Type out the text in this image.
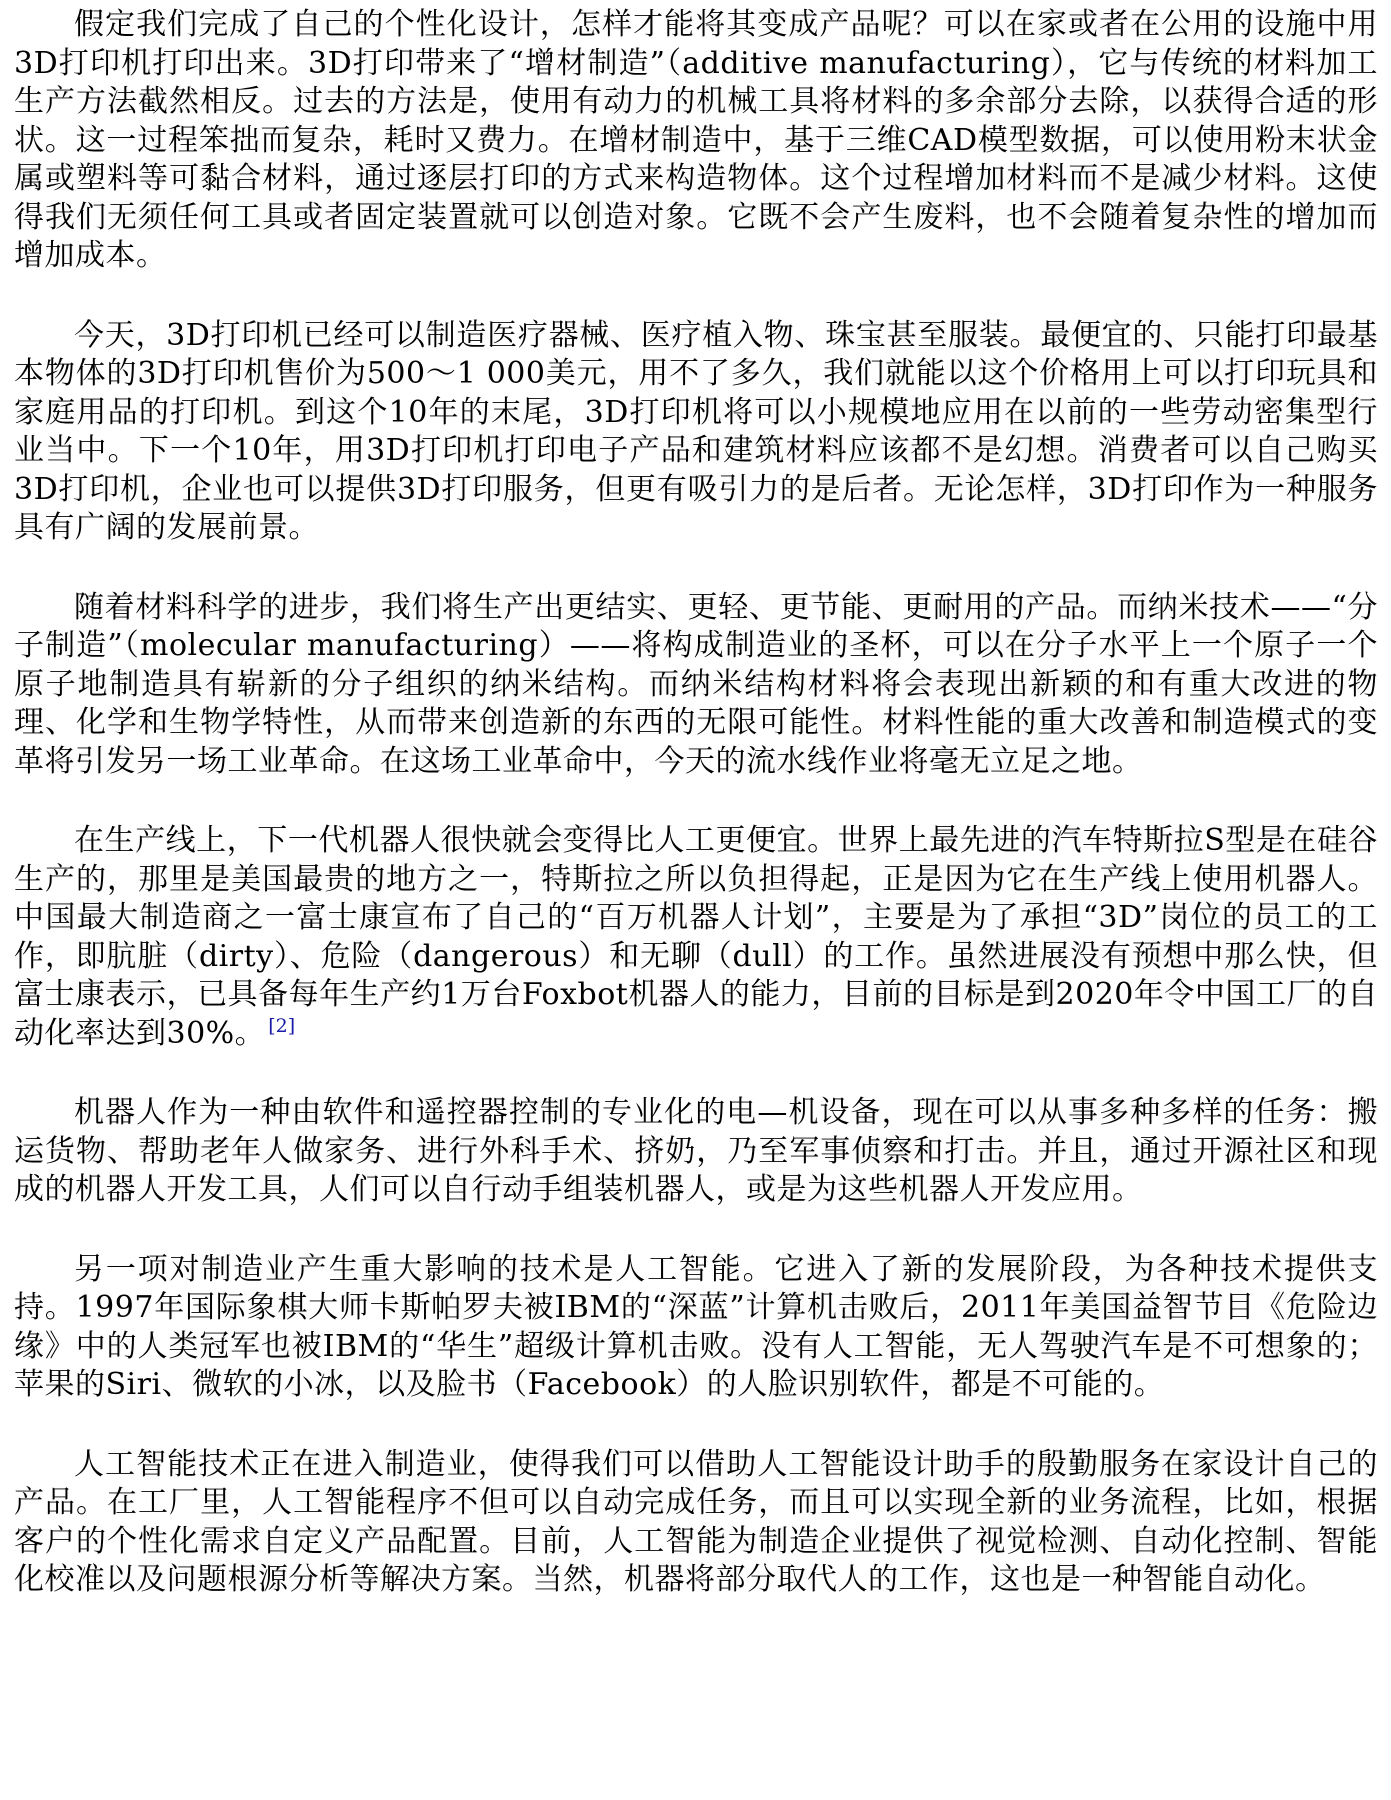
假定我们完成了自己的个性化设计，怎样才能将其变成产品呢？可以在家或者在公用的设施中用3D打印机打印出来。3D打印带来了“增材制造”（additive manufacturing），它与传统的材料加工生产方法截然相反。过去的方法是，使用有动力的机械工具将材料的多余部分去除，以获得合适的形状。这一过程笨拙而复杂，耗时又费力。在增材制造中，基于三维CAD模型数据，可以使用粉末状金属或塑料等可黏合材料，通过逐层打印的方式来构造物体。这个过程增加材料而不是减少材料。这使得我们无须任何工具或者固定装置就可以创造对象。它既不会产生废料，也不会随着复杂性的增加而增加成本。

今天，3D打印机已经可以制造医疗器械、医疗植入物、珠宝甚至服装。最便宜的、只能打印最基本物体的3D打印机售价为500～1 000美元，用不了多久，我们就能以这个价格用上可以打印玩具和家庭用品的打印机。到这个10年的末尾，3D打印机将可以小规模地应用在以前的一些劳动密集型行业当中。下一个10年，用3D打印机打印电子产品和建筑材料应该都不是幻想。消费者可以自己购买3D打印机，企业也可以提供3D打印服务，但更有吸引力的是后者。无论怎样，3D打印作为一种服务具有广阔的发展前景。

随着材料科学的进步，我们将生产出更结实、更轻、更节能、更耐用的产品。而纳米技术——“分子制造”（molecular manufacturing）——将构成制造业的圣杯，可以在分子水平上一个原子一个原子地制造具有崭新的分子组织的纳米结构。而纳米结构材料将会表现出新颖的和有重大改进的物理、化学和生物学特性，从而带来创造新的东西的无限可能性。材料性能的重大改善和制造模式的变革将引发另一场工业革命。在这场工业革命中，今天的流水线作业将毫无立足之地。

在生产线上，下一代机器人很快就会变得比人工更便宜。世界上最先进的汽车特斯拉S型是在硅谷生产的，那里是美国最贵的地方之一，特斯拉之所以负担得起，正是因为它在生产线上使用机器人。中国最大制造商之一富士康宣布了自己的“百万机器人计划”，主要是为了承担“3D”岗位的员工的工作，即肮脏（dirty）、危险（dangerous）和无聊（dull）的工作。虽然进展没有预想中那么快，但富士康表示，已具备每年生产约1万台Foxbot机器人的能力，目前的目标是到2020年令中国工厂的自动化率达到30%。 [2]

机器人作为一种由软件和遥控器控制的专业化的电—机设备，现在可以从事多种多样的任务：搬运货物、帮助老年人做家务、进行外科手术、挤奶，乃至军事侦察和打击。并且，通过开源社区和现成的机器人开发工具，人们可以自行动手组装机器人，或是为这些机器人开发应用。

另一项对制造业产生重大影响的技术是人工智能。它进入了新的发展阶段，为各种技术提供支持。1997年国际象棋大师卡斯帕罗夫被IBM的“深蓝”计算机击败后，2011年美国益智节目《危险边缘》中的人类冠军也被IBM的“华生”超级计算机击败。没有人工智能，无人驾驶汽车是不可想象的；苹果的Siri、微软的小冰，以及脸书（Facebook）的人脸识别软件，都是不可能的。

人工智能技术正在进入制造业，使得我们可以借助人工智能设计助手的殷勤服务在家设计自己的产品。在工厂里，人工智能程序不但可以自动完成任务，而且可以实现全新的业务流程，比如，根据客户的个性化需求自定义产品配置。目前，人工智能为制造企业提供了视觉检测、自动化控制、智能化校准以及问题根源分析等解决方案。当然，机器将部分取代人的工作，这也是一种智能自动化。
